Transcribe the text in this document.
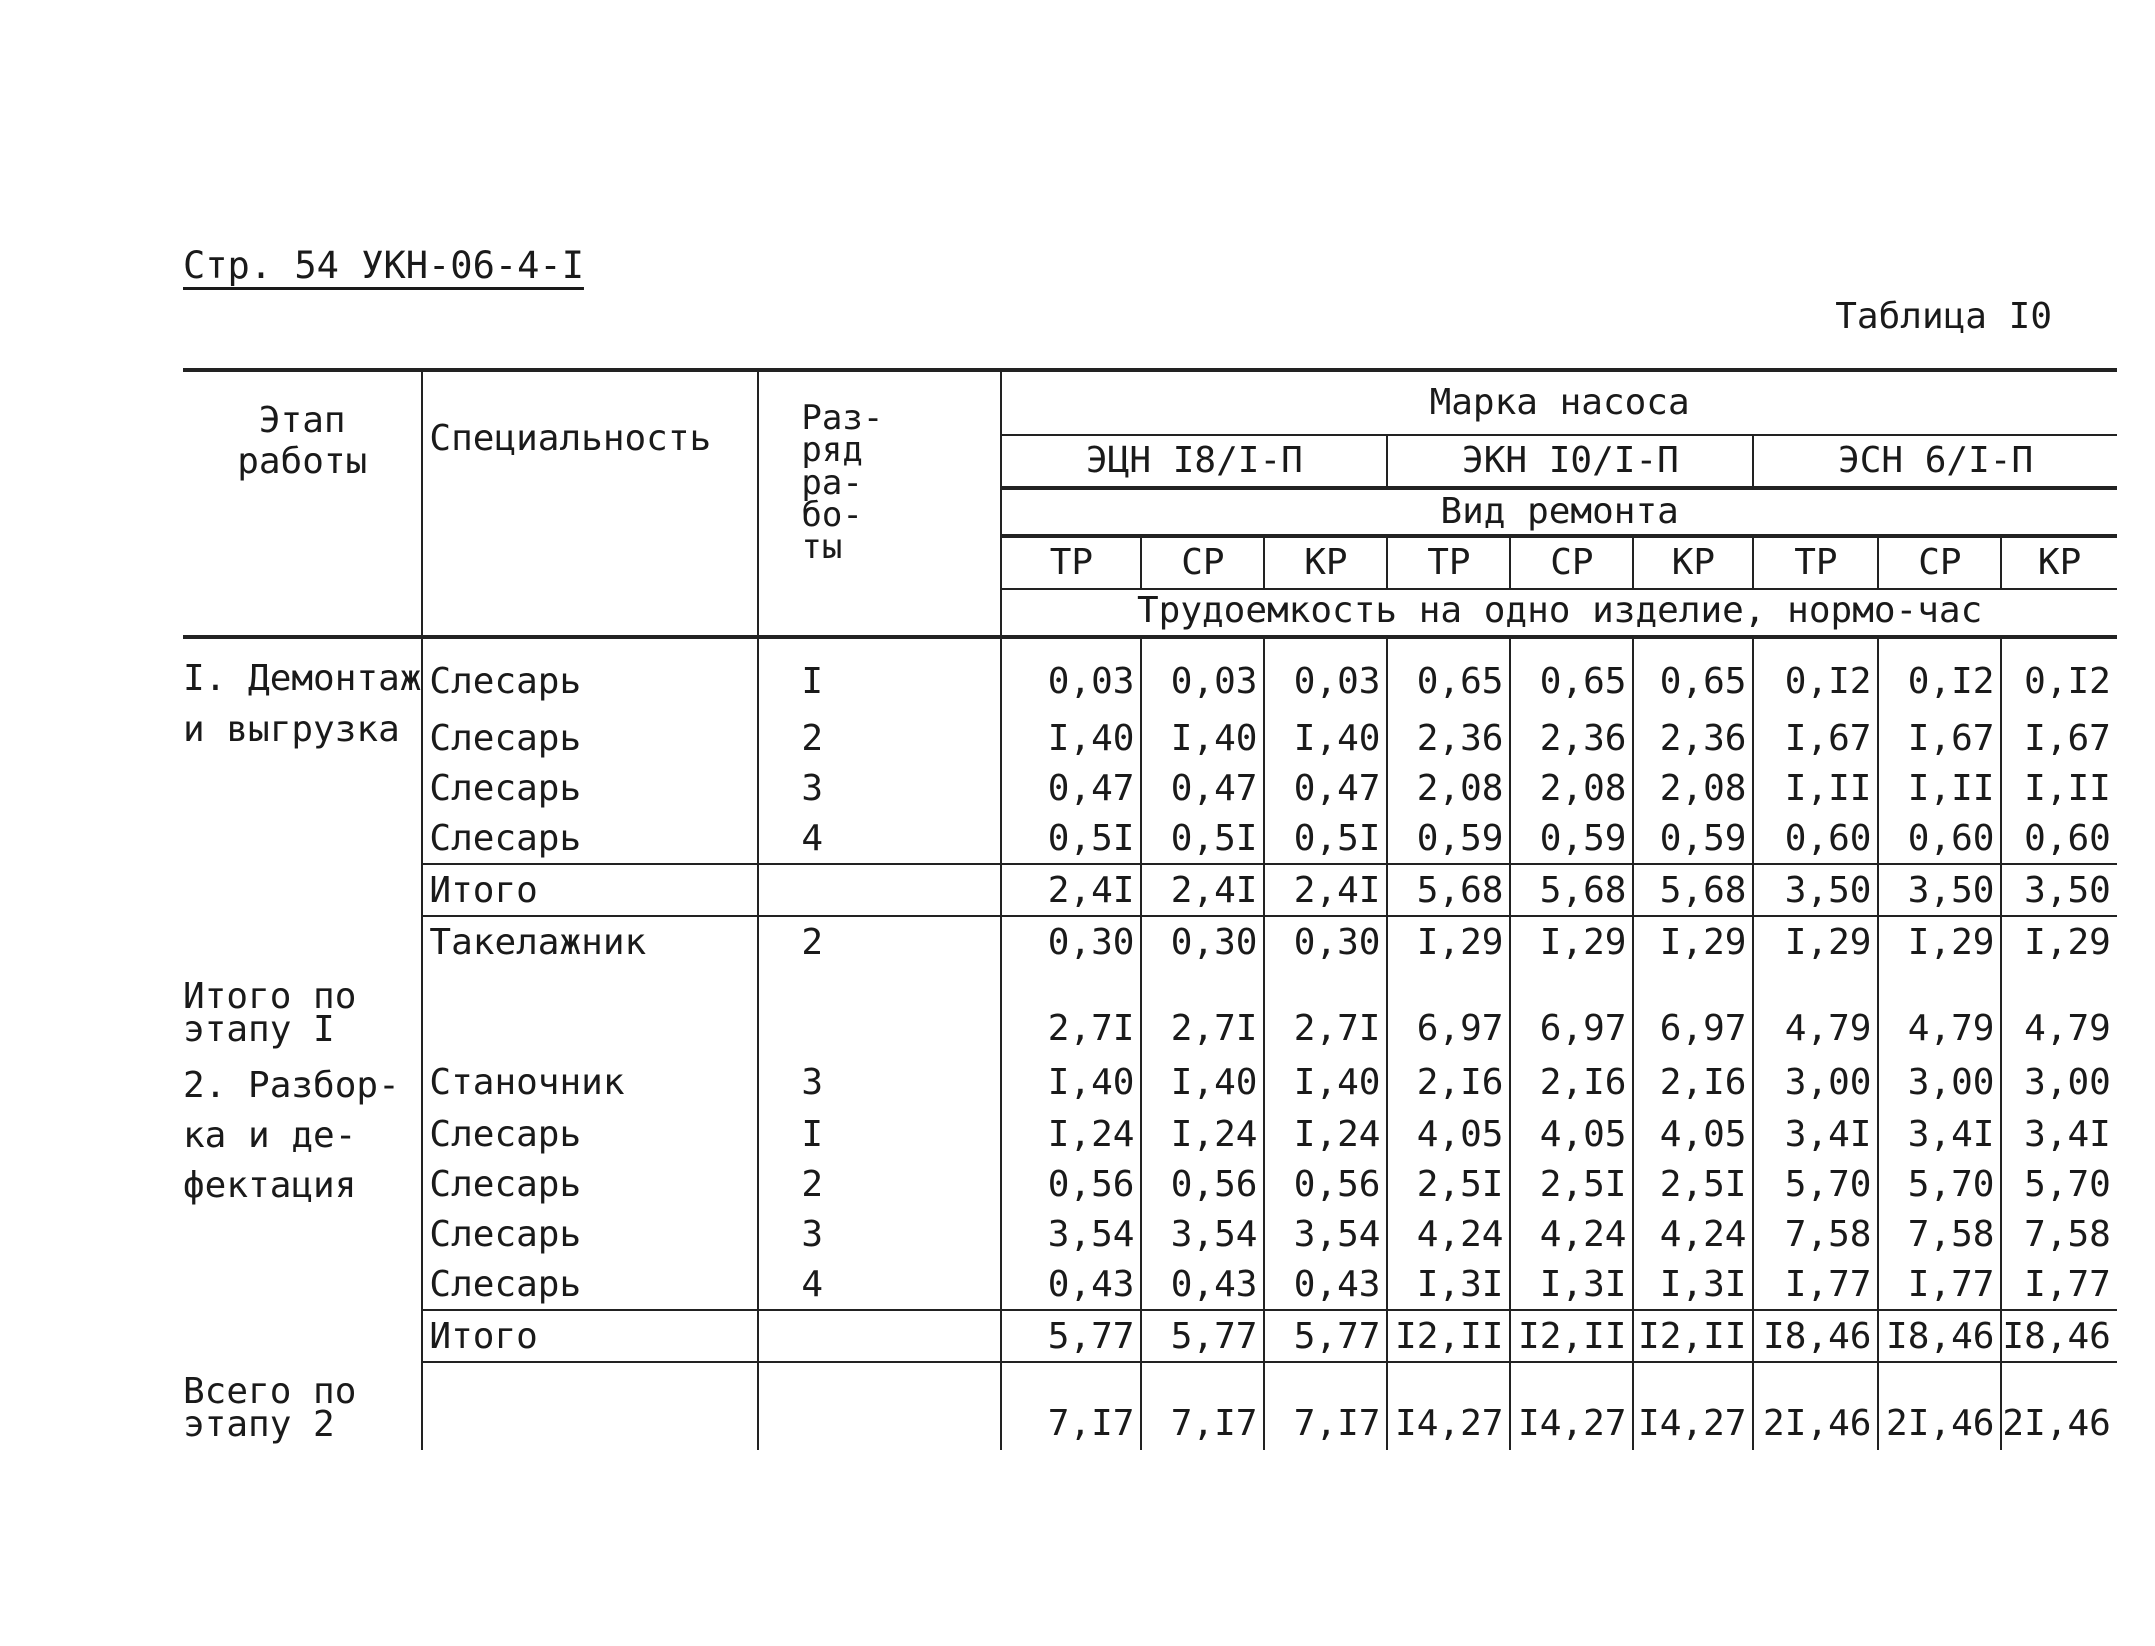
Стр. 54 УКН-06-4-I
Таблица I0
Этап
работы	Специальность	Раз-
ряд
ра-
бо-
ты	Марка насоса								
			ЭЦН I8/I-П			ЭКН I0/I-П			ЭСН 6/I-П		
			Вид ремонта								
			ТР	СР	КР	ТР	СР	КР	ТР	СР	КР
			Трудоемкость на одно изделие, нормо-час								

I. Демонтаж
и выгрузка	Слесарь	I	0,03	0,03	0,03	0,65	0,65	0,65	0,I2	0,I2	0,I2
	Слесарь	2	I,40	I,40	I,40	2,36	2,36	2,36	I,67	I,67	I,67
	Слесарь	3	0,47	0,47	0,47	2,08	2,08	2,08	I,II	I,II	I,II
	Слесарь	4	0,5I	0,5I	0,5I	0,59	0,59	0,59	0,60	0,60	0,60
	Итого		2,4I	2,4I	2,4I	5,68	5,68	5,68	3,50	3,50	3,50
	Такелажник	2	0,30	0,30	0,30	I,29	I,29	I,29	I,29	I,29	I,29

Итого по
этапу I			2,7I	2,7I	2,7I	6,97	6,97	6,97	4,79	4,79	4,79

2. Разбор-
ка и де-
фектация	Станочник	3	I,40	I,40	I,40	2,I6	2,I6	2,I6	3,00	3,00	3,00
	Слесарь	I	I,24	I,24	I,24	4,05	4,05	4,05	3,4I	3,4I	3,4I
	Слесарь	2	0,56	0,56	0,56	2,5I	2,5I	2,5I	5,70	5,70	5,70
	Слесарь	3	3,54	3,54	3,54	4,24	4,24	4,24	7,58	7,58	7,58
	Слесарь	4	0,43	0,43	0,43	I,3I	I,3I	I,3I	I,77	I,77	I,77
	Итого		5,77	5,77	5,77	I2,II	I2,II	I2,II	I8,46	I8,46	I8,46

Всего по
этапу 2			7,I7	7,I7	7,I7	I4,27	I4,27	I4,27	2I,46	2I,46	2I,46
